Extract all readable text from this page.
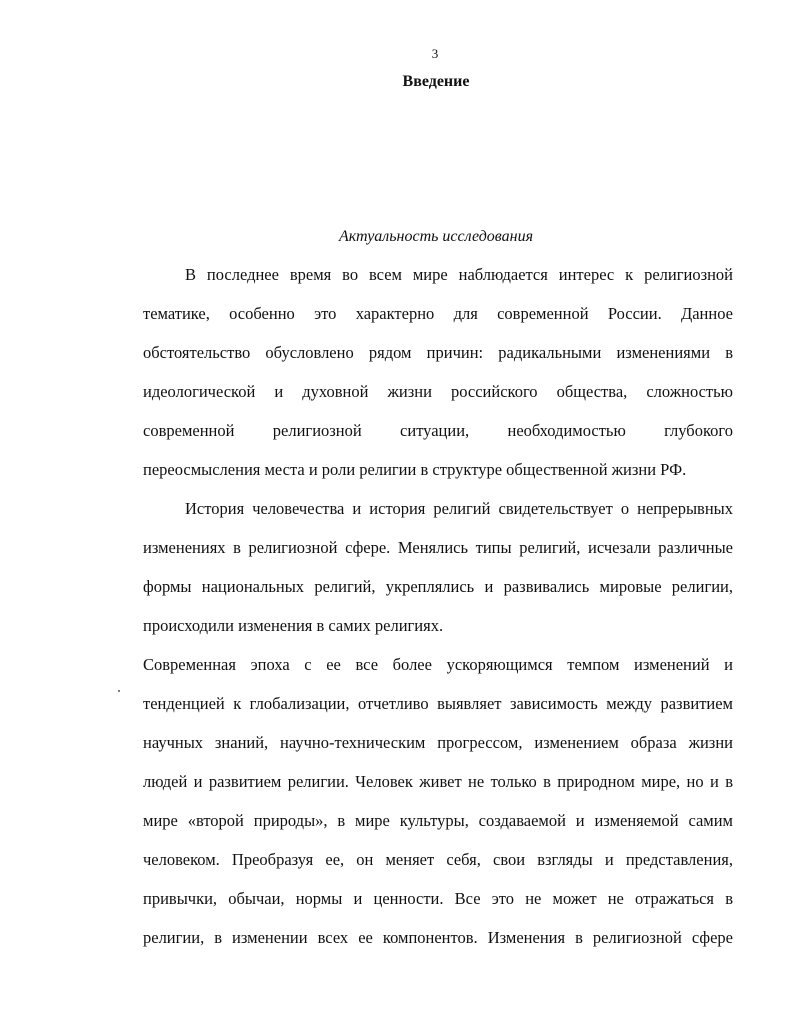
3
Введение
Актуальность исследования
В последнее время во всем мире наблюдается интерес к религиозной
тематике, особенно это характерно для современной России. Данное
обстоятельство обусловлено рядом причин: радикальными изменениями в
идеологической и духовной жизни российского общества, сложностью
современной религиозной ситуации, необходимостью глубокого
переосмысления места и роли религии в структуре общественной жизни РФ.
История человечества и история религий свидетельствует о непрерывных
изменениях в религиозной сфере. Менялись типы религий, исчезали различные
формы национальных религий, укреплялись и развивались мировые религии,
происходили изменения в самих религиях.
Современная эпоха с ее все более ускоряющимся темпом изменений и
тенденцией к глобализации, отчетливо выявляет зависимость между развитием
научных знаний, научно-техническим прогрессом, изменением образа жизни
людей и развитием религии. Человек живет не только в природном мире, но и в
мире «второй природы», в мире культуры, создаваемой и изменяемой самим
человеком. Преобразуя ее, он меняет себя, свои взгляды и представления,
привычки, обычаи, нормы и ценности. Все это не может не отражаться в
религии, в изменении всех ее компонентов. Изменения в религиозной сфере
